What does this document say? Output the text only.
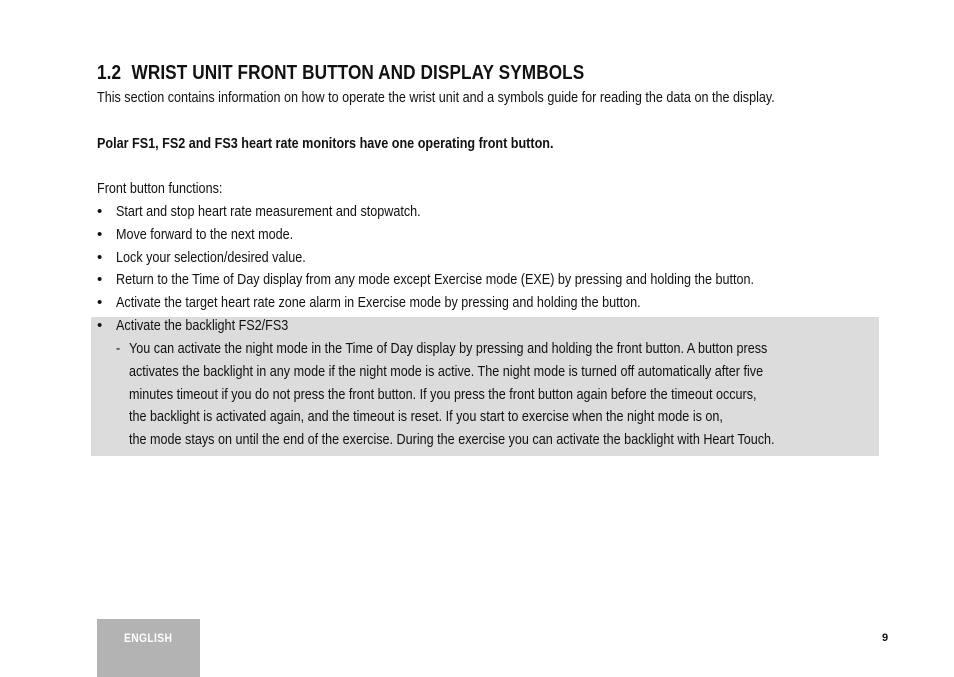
1.2 WRIST UNIT FRONT BUTTON AND DISPLAY SYMBOLS

This section contains information on how to operate the wrist unit and a symbols guide for reading the data on the display.

Polar FS1, FS2 and FS3 heart rate monitors have one operating front button.

Front button functions:

• Start and stop heart rate measurement and stopwatch.
• Move forward to the next mode.
• Lock your selection/desired value.
• Return to the Time of Day display from any mode except Exercise mode (EXE) by pressing and holding the button.
• Activate the target heart rate zone alarm in Exercise mode by pressing and holding the button.
• Activate the backlight FS2/FS3
- You can activate the night mode in the Time of Day display by pressing and holding the front button. A button press

activates the backlight in any mode if the night mode is active. The night mode is turned off automatically after five

minutes timeout if you do not press the front button. If you press the front button again before the timeout occurs,

the backlight is activated again, and the timeout is reset. If you start to exercise when the night mode is on,

the mode stays on until the end of the exercise. During the exercise you can activate the backlight with Heart Touch.

ENGLISH	9
